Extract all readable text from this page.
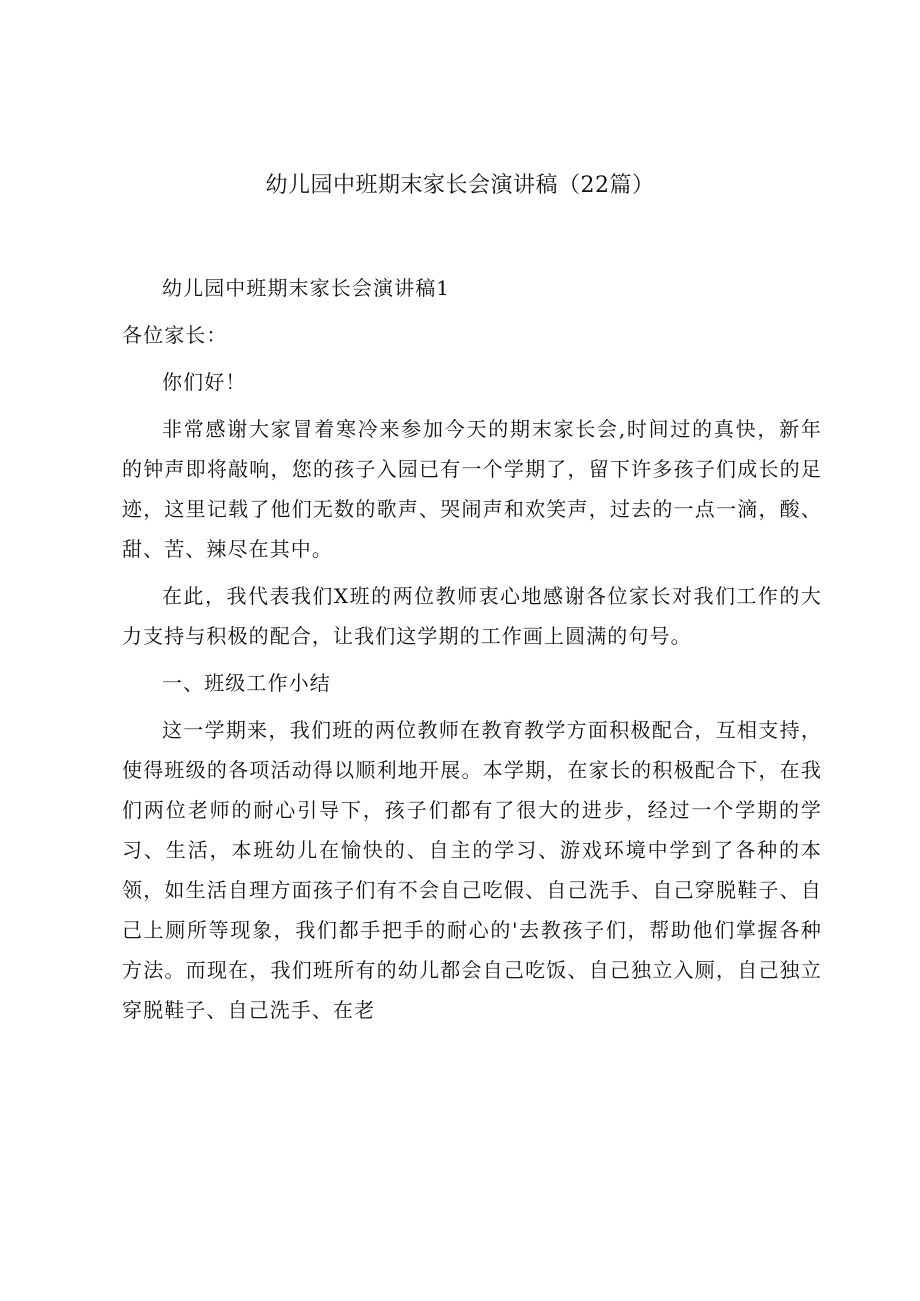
幼儿园中班期末家长会演讲稿（22篇）

幼儿园中班期末家长会演讲稿1

各位家长：

你们好！

非常感谢大家冒着寒冷来参加今天的期末家长会,时间过的真快，新年的钟声即将敲响，您的孩子入园已有一个学期了，留下许多孩子们成长的足迹，这里记载了他们无数的歌声、哭闹声和欢笑声，过去的一点一滴，酸、甜、苦、辣尽在其中。

在此，我代表我们X班的两位教师衷心地感谢各位家长对我们工作的大力支持与积极的配合，让我们这学期的工作画上圆满的句号。

一、班级工作小结

这一学期来，我们班的两位教师在教育教学方面积极配合，互相支持，使得班级的各项活动得以顺利地开展。本学期，在家长的积极配合下，在我们两位老师的耐心引导下，孩子们都有了很大的进步，经过一个学期的学习、生活，本班幼儿在愉快的、自主的学习、游戏环境中学到了各种的本领，如生活自理方面孩子们有不会自己吃假、自己洗手、自己穿脱鞋子、自己上厕所等现象，我们都手把手的耐心的'去教孩子们，帮助他们掌握各种方法。而现在，我们班所有的幼儿都会自己吃饭、自己独立入厕，自己独立穿脱鞋子、自己洗手、在老
